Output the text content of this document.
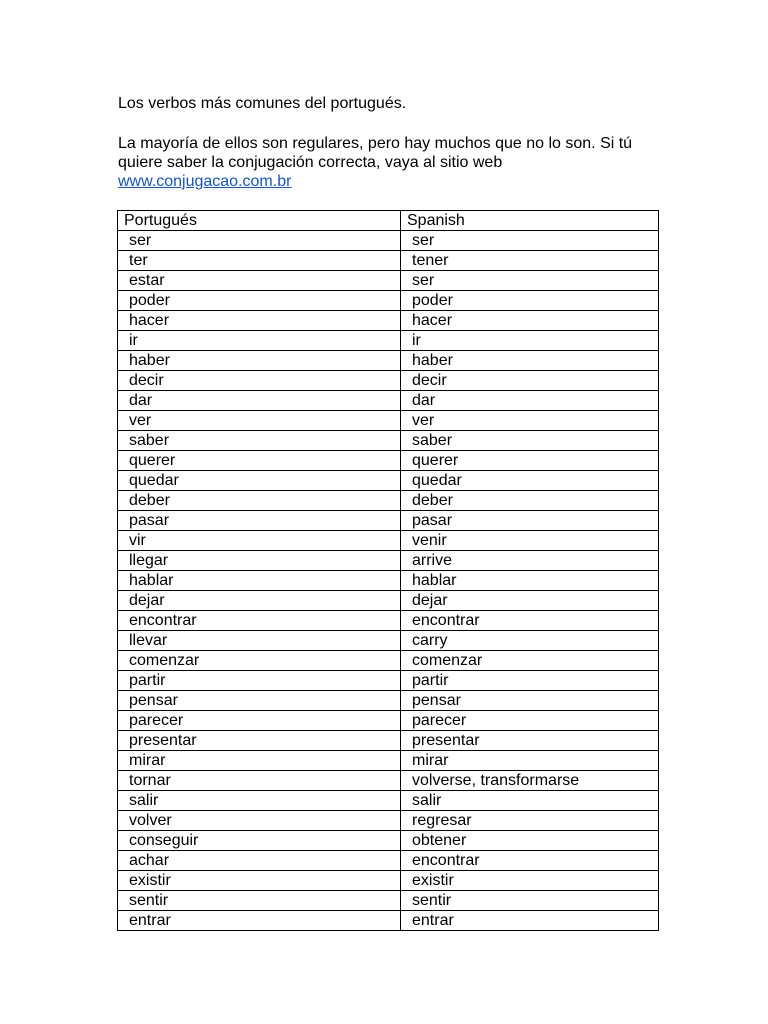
Los verbos más comunes del portugués.
La mayoría de ellos son regulares, pero hay muchos que no lo son. Si tú
quiere saber la conjugación correcta, vaya al sitio web
www.conjugacao.com.br
Portugués	Spanish
ser	ser
ter	tener
estar	ser
poder	poder
hacer	hacer
ir	ir
haber	haber
decir	decir
dar	dar
ver	ver
saber	saber
querer	querer
quedar	quedar
deber	deber
pasar	pasar
vir	venir
llegar	arrive
hablar	hablar
dejar	dejar
encontrar	encontrar
llevar	carry
comenzar	comenzar
partir	partir
pensar	pensar
parecer	parecer
presentar	presentar
mirar	mirar
tornar	volverse, transformarse
salir	salir
volver	regresar
conseguir	obtener
achar	encontrar
existir	existir
sentir	sentir
entrar	entrar
